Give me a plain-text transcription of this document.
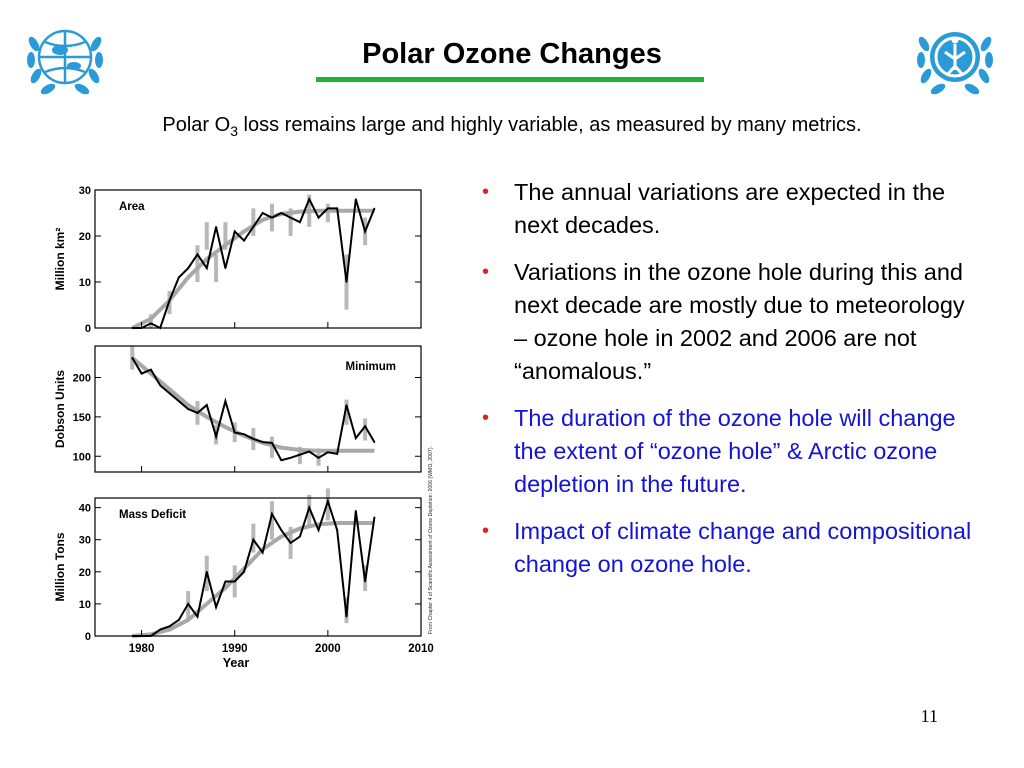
Polar Ozone Changes
Polar $O_3$ loss remains large and highly variable, as measured by many metrics.
0
10
20
30
Area
Million km²
100
150
200
Minimum
Dobson Units
0
10
20
30
40
Mass Deficit
Million Tons
1980	1990	2000	2010
Year
From Chapter 4 of Scientific Assessment of Ozone Depletion: 2006 (WMO, 2007).
• The annual variations are expected in the next decades.
• Variations in the ozone hole during this and next decade are mostly due to meteorology – ozone hole in 2002 and 2006 are not “anomalous.”
• The duration of the ozone hole will change the extent of “ozone hole” & Arctic ozone depletion in the future.
• Impact of climate change and compositional change on ozone hole.
11
